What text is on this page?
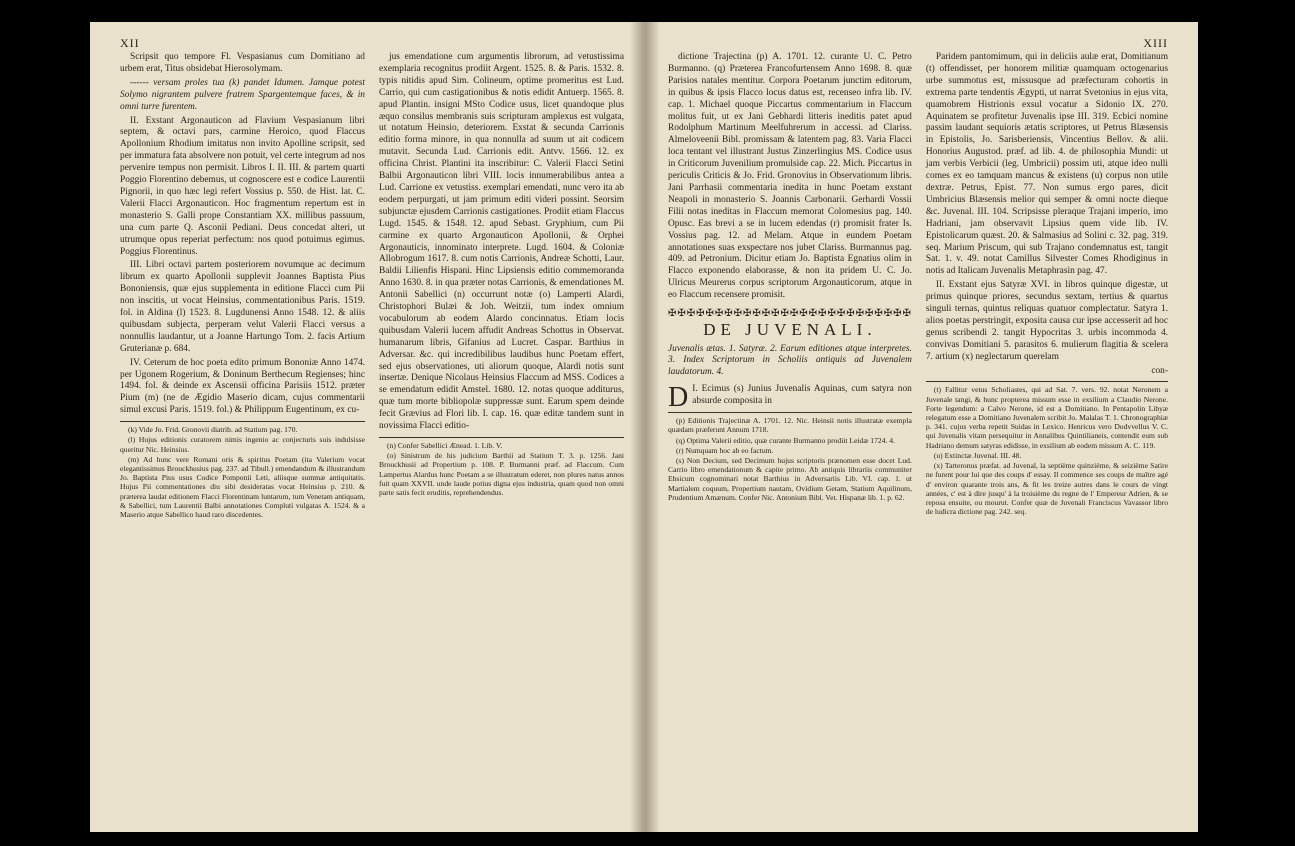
XII

Scripsit quo tempore Fl. Vespasianus cum Domitiano ad urbem erat, Titus obsidebat Hierosolymam.

------ versam proles tua (k) pandet Idumen. Jamque potest Solymo nigrantem pulvere fratrem Spargentemque faces, & in omni turre furentem.

II. Exstant Argonauticon ad Flavium Vespasianum libri septem, & octavi pars, carmine Heroico, quod Flaccus Apollonium Rhodium imitatus non invito Apolline scripsit, sed per immatura fata absolvere non potuit, vel certe integrum ad nos pervenire tempus non permisit. Libros I. II. III. & partem quarti Poggio Florentino debemus, ut cognoscere est e codice Laurentii Pignorii, in quo hæc legi refert Vossius p. 550. de Hist. lat. C. Valerii Flacci Argonauticon. Hoc fragmentum repertum est in monasterio S. Galli prope Constantiam XX. millibus passuum, una cum parte Q. Asconii Pediani. Deus concedat alteri, ut utrumque opus reperiat perfectum: nos quod potuimus egimus. Poggius Florentinus.

III. Libri octavi partem posteriorem novumque ac decimum librum ex quarto Apollonii supplevit Joannes Baptista Pius Bononiensis, quæ ejus supplementa in editione Flacci cum Pii non inscitis, ut vocat Heinsius, commentationibus Paris. 1519. fol. in Aldina (l) 1523. 8. Lugdunensi Anno 1548. 12. & aliis quibusdam subjecta, perperam velut Valerii Flacci versus a nonnullis laudantur, ut a Joanne Hartungo Tom. 2. facis Artium Gruterianæ p. 684.

IV. Ceterum de hoc poeta edito primum Bononiæ Anno 1474. per Ugonem Rogerium, & Doninum Berthecum Regienses; hinc 1494. fol. & deinde ex Ascensii officina Parisiis 1512. præter Pium (m) (ne de Ægidio Maserio dicam, cujus commentarii simul excusi Paris. 1519. fol.) & Philippum Eugentinum, ex cu-

(k) Vide Jo. Frid. Gronovii diatrib. ad Statium pag. 170.

(l) Hujus editionis curatorem nimis ingenio ac conjecturis suis indulsisse queritur Nic. Heinsius.

(m) Ad hunc vere Romani oris & spiritus Poetam (ita Valerium vocat elegantissimus Brouckhusius pag. 237. ad Tibull.) emendandum & illustrandum Jo. Baptista Pius usus Codice Pomponii Leti, aliisque summæ antiquitatis. Hujus Pii commentationes diu sibi desideratas vocat Heinsius p. 210. & præterea laudat editionem Flacci Florentinam luntarum, tum Venetam antiquam, & Sabellici, tum Laurentii Balbi annotationes Compluti vulgatas A. 1524. & a Maserio atque Sabellico haud raro discedentes.

jus emendatione cum argumentis librorum, ad vetustissima exemplaria recognitus prodiit Argent. 1525. 8. & Paris. 1532. 8. typis nitidis apud Sim. Colineum, optime promeritus est Lud. Carrio, qui cum castigationibus & notis edidit Antuerp. 1565. 8. apud Plantin. insigni MSto Codice usus, licet quandoque plus æquo consilus membranis suis scripturam amplexus est vulgata, ut notatum Heinsio, deteriorem. Exstat & secunda Carrionis editio forma minore, in qua nonnulla ad suum ut ait codicem mutavit. Secunda Lud. Carrionis edit. Antvv. 1566. 12. ex officina Christ. Plantini ita inscribitur: C. Valerii Flacci Setini Balbii Argonauticon libri VIII. locis innumerabilibus antea a Lud. Carrione ex vetustiss. exemplari emendati, nunc vero ita ab eodem perpurgati, ut jam primum editi videri possint. Seorsim subjunctæ ejusdem Carrionis castigationes. Prodiit etiam Flaccus Lugd. 1545. & 1548. 12. apud Sebast. Gryphium, cum Pii carmine ex quarto Argonauticon Apollonii, & Orphei Argonauticis, innominato interprete. Lugd. 1604. & Coloniæ Allobrogum 1617. 8. cum notis Carrionis, Andreæ Schotti, Laur. Baldii Lilienfis Hispani. Hinc Lipsiensis editio commemoranda Anno 1630. 8. in qua præter notas Carrionis, & emendationes M. Antonii Sabellici (n) occurrunt notæ (o) Lamperti Alardi, Christophori Bulæi & Joh. Weitzii, tum index omnium vocabulorum ab eodem Alardo concinnatus. Etiam locis quibusdam Valerii lucem affudit Andreas Schottus in Observat. humanarum libris, Gifanius ad Lucret. Caspar. Barthius in Adversar. &c. qui incredibilibus laudibus hunc Poetam effert, sed ejus observationes, uti aliorum quoque, Alardi notis sunt insertæ. Denique Nicolaus Heinsius Flaccum ad MSS. Codices a se emendatum edidit Amstel. 1680. 12. notas quoque additurus, quæ tum morte bibliopolæ suppressæ sunt. Earum spem deinde fecit Grævius ad Flori lib. I. cap. 16. quæ editæ tandem sunt in novissima Flacci editio-

(n) Confer Sabellici Ænead. 1. Lib. V.

(o) Sinistrum de his judicium Barthii ad Statium T. 3. p. 1256. Jani Brouckhusii ad Propertium p. 108. P. Burmanni præf. ad Flaccum. Cum Lampertus Alardus hunc Poetam a se illustratum ederet, non plures natus annos fuit quam XXVII. unde laude potius digna ejus industria, quam quod non omni parte satis fecit eruditis, reprehendendus.

XIII

dictione Trajectina (p) A. 1701. 12. curante U. C. Petro Burmanno. (q) Præterea Francofurtensem Anno 1698. 8. quæ Parisios natales mentitur. Corpora Poetarum junctim editorum, in quibus & ipsis Flacco locus datus est, recenseo infra lib. IV. cap. 1. Michael quoque Piccartus commentarium in Flaccum molitus fuit, ut ex Jani Gebhardi litteris ineditis patet apud Rodolphum Martinum Meelfuhrerum in accessi. ad Clariss. Almeloveenii Bibl. promissam & latentem pag. 83. Varia Flacci loca tentant vel illustrant Justus Zinzerlingius MS. Codice usus in Criticorum Juvenilium promulside cap. 22. Mich. Piccartus in periculis Criticis & Jo. Frid. Gronovius in Observationum libris. Jani Parrhasii commentaria inedita in hunc Poetam exstant Neapoli in monasterio S. Joannis Carbonarii. Gerhardi Vossii Filii notas ineditas in Flaccum memorat Colomesius pag. 140. Opusc. Eas brevi a se in lucem edendas (r) promisit frater Is. Vossius pag. 12. ad Melam. Atque in eundem Poetam annotationes suas exspectare nos jubet Clariss. Burmannus pag. 409. ad Petronium. Dicitur etiam Jo. Baptista Egnatius olim in Flacco exponendo elaborasse, & non ita pridem U. C. Jo. Ulricus Meurerus corpus scriptorum Argonauticorum, atque in eo Flaccum recensere promisit.

✠✠✠✠✠✠✠✠✠✠✠✠✠✠✠✠✠✠✠✠✠✠✠✠✠✠
DE JUVENALI.
Juvenalis ætas. 1. Satyræ. 2. Earum editiones atque interpretes. 3. Index Scriptorum in Scholiis antiquis ad Juvenalem laudatorum. 4.

D I. Ecimus (s) Junius Juvenalis Aquinas, cum satyra non absurde composita in

(p) Editionis Trajectinæ A. 1701. 12. Nic. Heinsii notis illustratæ exempla quædam præferunt Annum 1718.

(q) Optima Valerii editio, quæ curante Burmanno prodiit Leidæ 1724. 4.

(r) Numquam hoc ab eo factum.

(s) Non Decium, sed Decimum hujus scriptoris prænomen esse docet Lud. Carrio libro emendationum & capite primo. Ab antiquis librariis communiter Ebsicum cognominari notat Barthius in Adversariis Lib. VI. cap. 1. ut Martialem coquum, Propertium nautam, Ovidium Getam, Statium Aquilinum, Prudentium Amænum. Confer Nic. Antonium Bibl. Vet. Hispanæ lib. 1. p. 62.

Paridem pantomimum, qui in deliciis aulæ erat, Domitianum (t) offendisset, per honorem militiæ quamquam octogenarius urbe summotus est, missusque ad præfecturam cohortis in extrema parte tendentis Ægypti, ut narrat Svetonius in ejus vita, quamobrem Histrionis exsul vocatur a Sidonio IX. 270. Aquinatem se profitetur Juvenalis ipse III. 319. Ecbici nomine passim laudant sequioris ætatis scriptores, ut Petrus Blæsensis in Epistolis, Jo. Sarisberiensis, Vincentius Bellov. & alii. Honorius Augustod. præf. ad lib. 4. de philosophia Mundi: ut jam verbis Verbicii (leg. Umbricii) possim uti, atque ideo nulli comes ex eo tamquam mancus & existens (u) corpus non utile dextræ. Petrus, Epist. 77. Non sumus ergo pares, dicit Umbricius Blæsensis melior qui semper & omni nocte dieque &c. Juvenal. III. 104. Scripsisse pleraque Trajani imperio, imo Hadriani, jam observavit Lipsius quem vide lib. IV. Epistolicarum quæst. 20. & Salmasius ad Solini c. 32. pag. 319. seq. Marium Priscum, qui sub Trajano condemnatus est, tangit Sat. 1. v. 49. notat Camillus Silvester Comes Rhodiginus in notis ad Italicam Juvenalis Metaphrasin pag. 47.

II. Exstant ejus Satyræ XVI. in libros quinque digestæ, ut primus quinque priores, secundus sextam, tertius & quartus singuli ternas, quintus reliquas quatuor complectatur. Satyra 1. alios poetas perstringit, exposita causa cur ipse accesserit ad hoc genus scribendi 2. tangit Hypocritas 3. urbis incommoda 4. convivas Domitiani 5. parasitos 6. mulierum flagitia & scelera 7. artium (x) neglectarum querelam

con-

(t) Fallitur vetus Scholiastes, qui ad Sat. 7. vers. 92. notat Neronem a Juvenale tangi, & hunc propterea missum esse in exsilium a Claudio Nerone. Forte legendum: a Calvo Nerone, id est a Domitiano. In Pentapolin Libyæ relegatum esse a Domitiano Juvenalem scribit Jo. Malalas T. 1. Chronographiæ p. 341. cujus verba repetit Suidas in Lexico. Henricus vero Dodvvellus V. C. qui Juvenalis vitam persequitur in Annalibus Quintilianeis, contendit eum sub Hadriano demum satyras edidisse, in exsilium ab eodem missum A. C. 119.

(u) Extinctæ Juvenal. III. 48.

(x) Tarteronus præfat. ad Juvenal, la septième quinzième, & seizième Satire ne furent pour lui que des coups d' essay. Il commence ses coups de maître agé d' environ quarante trois ans, & fit les treize autres dans le cours de vingt années, c' est à dire jusqu' à la troisième du regne de l' Empereur Adrien, & se reposa ensuite, ou mourut. Confer quæ de Juvenali Franciscus Vavassor libro de ludicra dictione pag. 242. seq.
